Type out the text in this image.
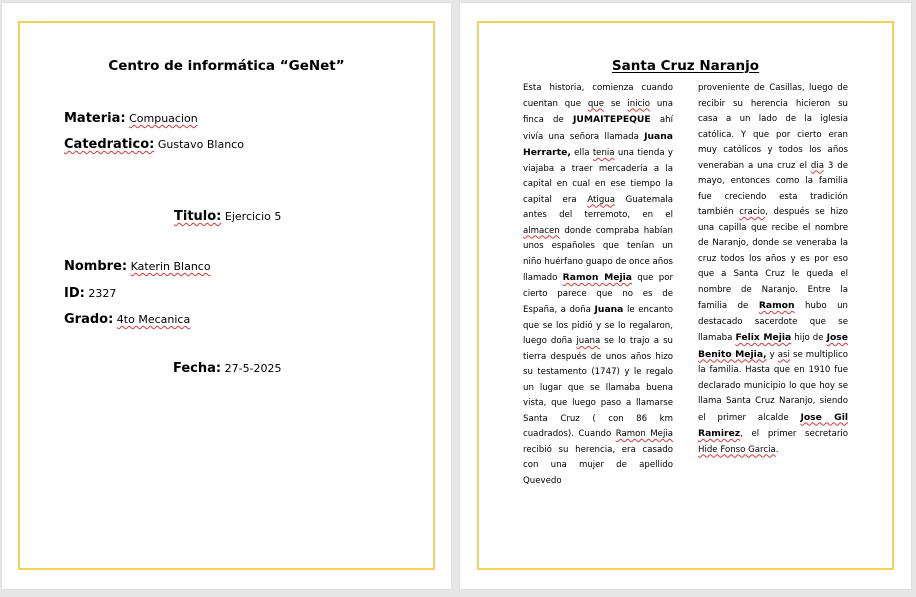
Centro de informática “GeNet”
Materia: Compuacion
Catedratico: Gustavo Blanco
Titulo: Ejercicio 5
Nombre: Katerin Blanco
ID: 2327
Grado: 4to Mecanica
Fecha: 27-5-2025
Santa Cruz Naranjo
Esta historia, comienza cuando cuentan que que se inicio una finca de JUMAITEPEQUE ahí vivía una señora llamada Juana Herrarte, ella tenia una tienda y viajaba a traer mercadería a la capital en cual en ese tiempo la capital era Atigua Guatemala antes del terremoto, en el almacen donde compraba habían unos españoles que tenían un niño huérfano guapo de once años llamado Ramon Mejia que por cierto parece que no es de España, a doña Juana le encanto que se los pidió y se lo regalaron, luego doña juana se lo trajo a su tierra después de unos años hizo su testamento (1747) y le regalo un lugar que se llamaba buena vista, que luego paso a llamarse Santa Cruz ( con 86 km cuadrados). Cuando Ramon Mejia recibió su herencia, era casado con una mujer de apellido Quevedo
proveniente de Casillas, luego de recibir su herencia hicieron su casa a un lado de la iglesia católica. Y que por cierto eran muy católicos y todos los años veneraban a una cruz el dia 3 de mayo, entonces como la familia fue creciendo esta tradición también cracio, después se hizo una capilla que recibe el nombre de Naranjo, donde se veneraba la cruz todos los años y es por eso que a Santa Cruz le queda el nombre de Naranjo. Entre la familia de Ramon hubo un destacado sacerdote que se llamaba Felix Mejia hijo de Jose Benito Mejia, y asi se multiplico la familia. Hasta que en 1910 fue declarado municipio lo que hoy se llama Santa Cruz Naranjo, siendo el primer alcalde Jose Gil Ramirez, el primer secretario Hide Fonso Garcia.
